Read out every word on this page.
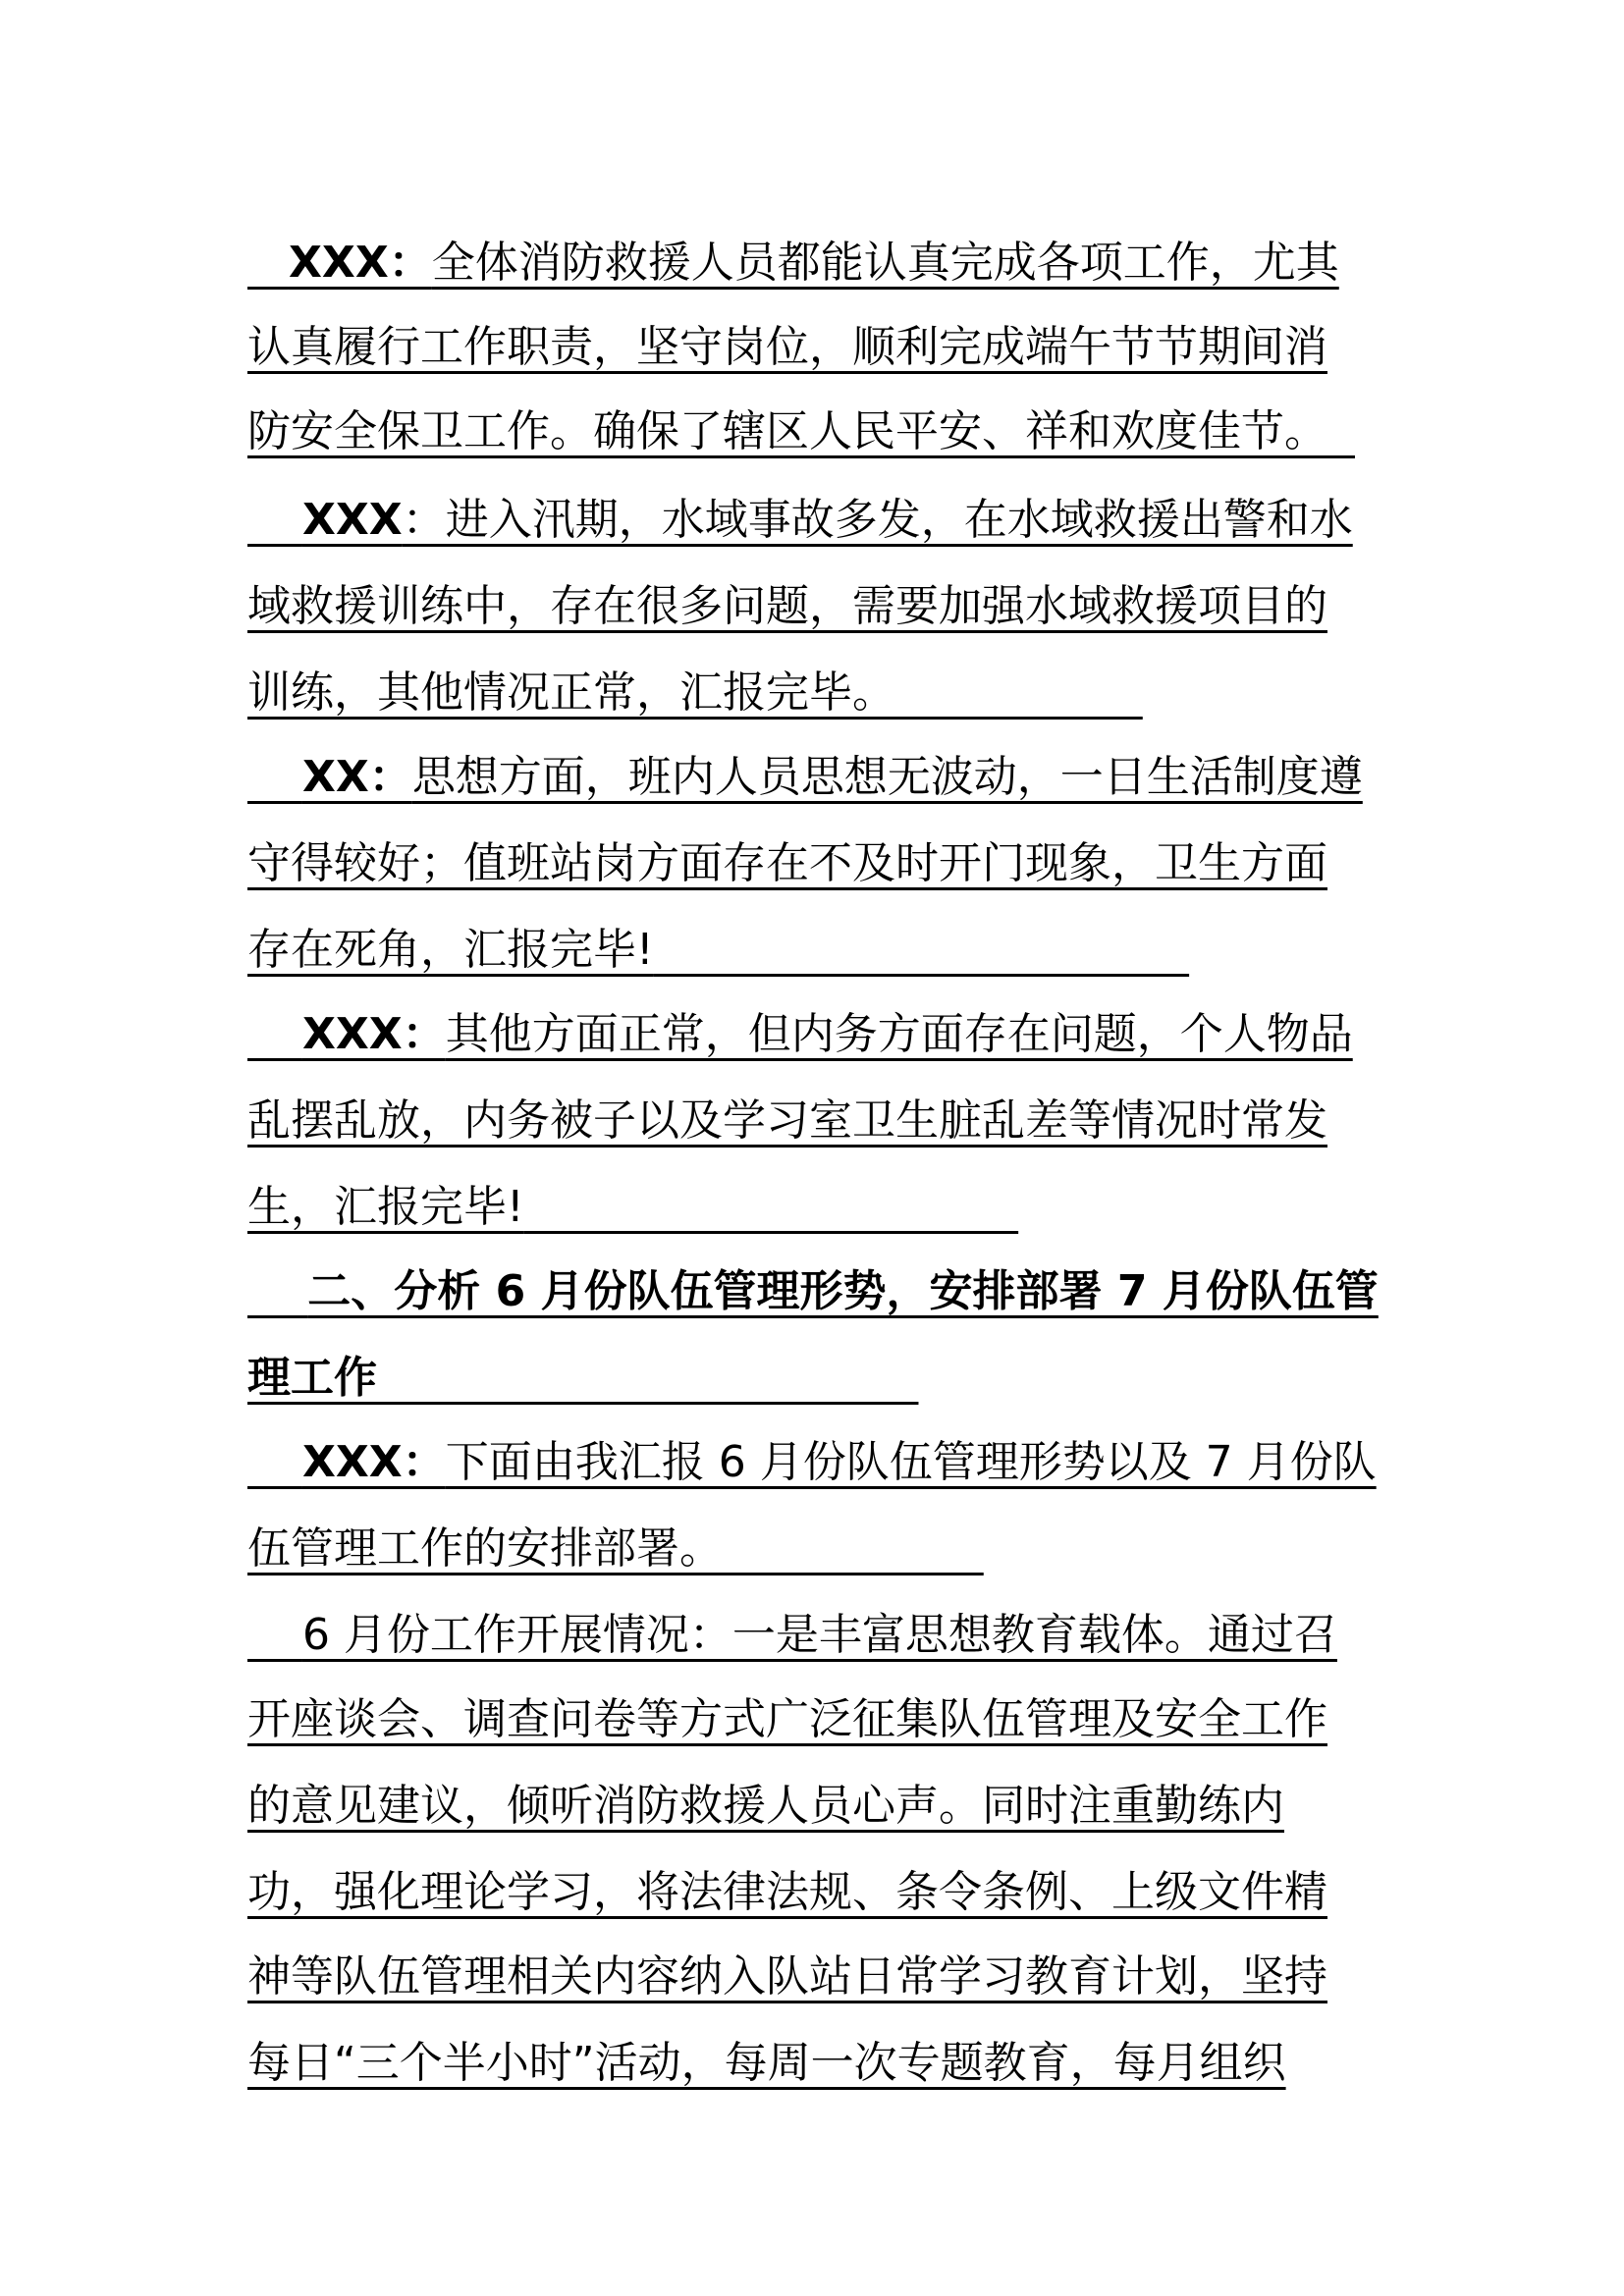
XXX：全体消防救援人员都能认真完成各项工作，尤其
认真履行工作职责，坚守岗位，顺利完成端午节节期间消
防安全保卫工作。确保了辖区人民平安、祥和欢度佳节。
XXX：进入汛期，水域事故多发，在水域救援出警和水
域救援训练中，存在很多问题，需要加强水域救援项目的
训练，其他情况正常，汇报完毕。
XX：思想方面，班内人员思想无波动，一日生活制度遵
守得较好；值班站岗方面存在不及时开门现象，卫生方面
存在死角，汇报完毕!
XXX：其他方面正常，但内务方面存在问题，个人物品
乱摆乱放，内务被子以及学习室卫生脏乱差等情况时常发
生，汇报完毕!
二、分析 6 月份队伍管理形势，安排部署 7 月份队伍管
理工作
XXX：下面由我汇报 6 月份队伍管理形势以及 7 月份队
伍管理工作的安排部署。
6 月份工作开展情况：一是丰富思想教育载体。通过召
开座谈会、调查问卷等方式广泛征集队伍管理及安全工作
的意见建议，倾听消防救援人员心声。同时注重勤练内
功，强化理论学习，将法律法规、条令条例、上级文件精
神等队伍管理相关内容纳入队站日常学习教育计划，坚持
每日“三个半小时”活动，每周一次专题教育，每月组织
